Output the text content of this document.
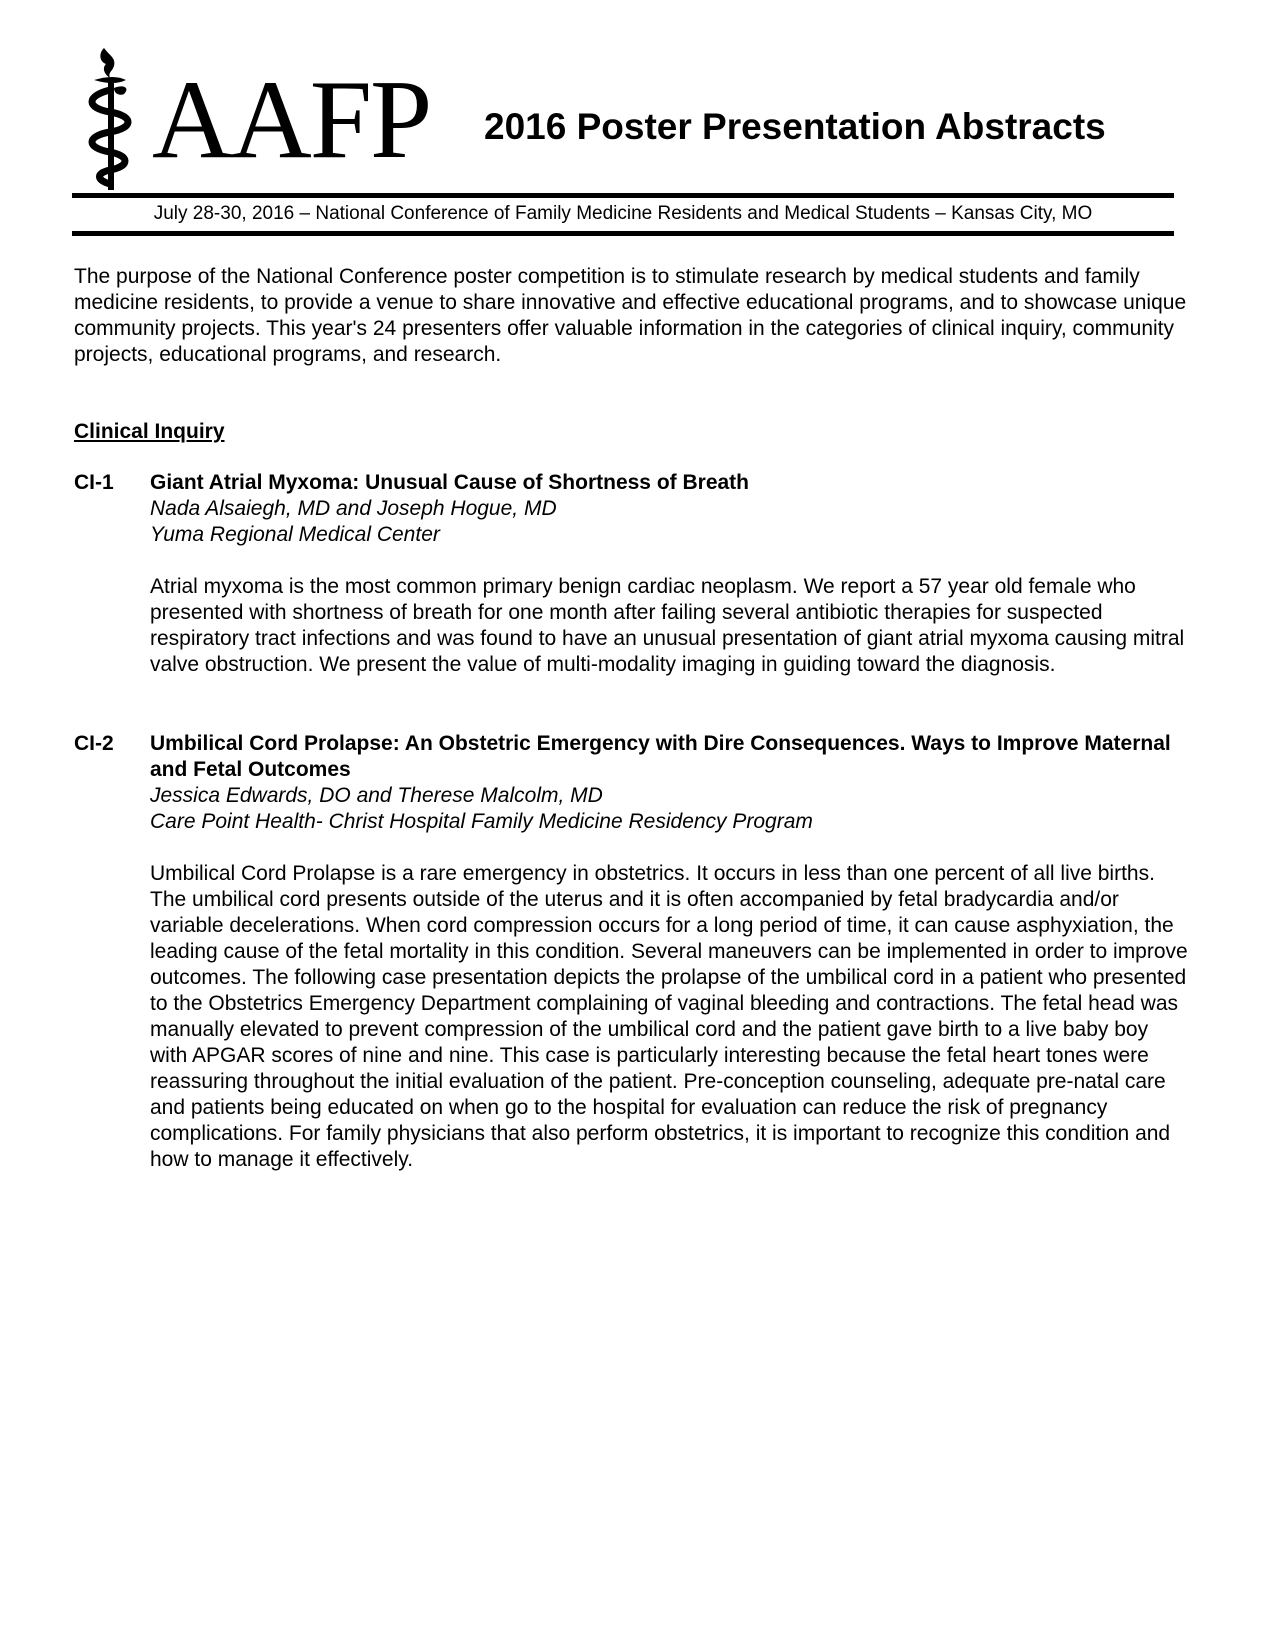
AAFP 2016 Poster Presentation Abstracts
July 28-30, 2016 – National Conference of Family Medicine Residents and Medical Students – Kansas City, MO

The purpose of the National Conference poster competition is to stimulate research by medical students and family medicine residents, to provide a venue to share innovative and effective educational programs, and to showcase unique community projects. This year's 24 presenters offer valuable information in the categories of clinical inquiry, community projects, educational programs, and research.

Clinical Inquiry
CI-1 Giant Atrial Myxoma: Unusual Cause of Shortness of Breath

Nada Alsaiegh, MD and Joseph Hogue, MD

Yuma Regional Medical Center

Atrial myxoma is the most common primary benign cardiac neoplasm. We report a 57 year old female who presented with shortness of breath for one month after failing several antibiotic therapies for suspected respiratory tract infections and was found to have an unusual presentation of giant atrial myxoma causing mitral valve obstruction. We present the value of multi-modality imaging in guiding toward the diagnosis.

CI-2 Umbilical Cord Prolapse: An Obstetric Emergency with Dire Consequences. Ways to Improve Maternal and Fetal Outcomes

Jessica Edwards, DO and Therese Malcolm, MD

Care Point Health- Christ Hospital Family Medicine Residency Program

Umbilical Cord Prolapse is a rare emergency in obstetrics. It occurs in less than one percent of all live births. The umbilical cord presents outside of the uterus and it is often accompanied by fetal bradycardia and/or variable decelerations. When cord compression occurs for a long period of time, it can cause asphyxiation, the leading cause of the fetal mortality in this condition. Several maneuvers can be implemented in order to improve outcomes. The following case presentation depicts the prolapse of the umbilical cord in a patient who presented to the Obstetrics Emergency Department complaining of vaginal bleeding and contractions. The fetal head was manually elevated to prevent compression of the umbilical cord and the patient gave birth to a live baby boy with APGAR scores of nine and nine. This case is particularly interesting because the fetal heart tones were reassuring throughout the initial evaluation of the patient. Pre-conception counseling, adequate pre-natal care and patients being educated on when go to the hospital for evaluation can reduce the risk of pregnancy complications. For family physicians that also perform obstetrics, it is important to recognize this condition and how to manage it effectively.
